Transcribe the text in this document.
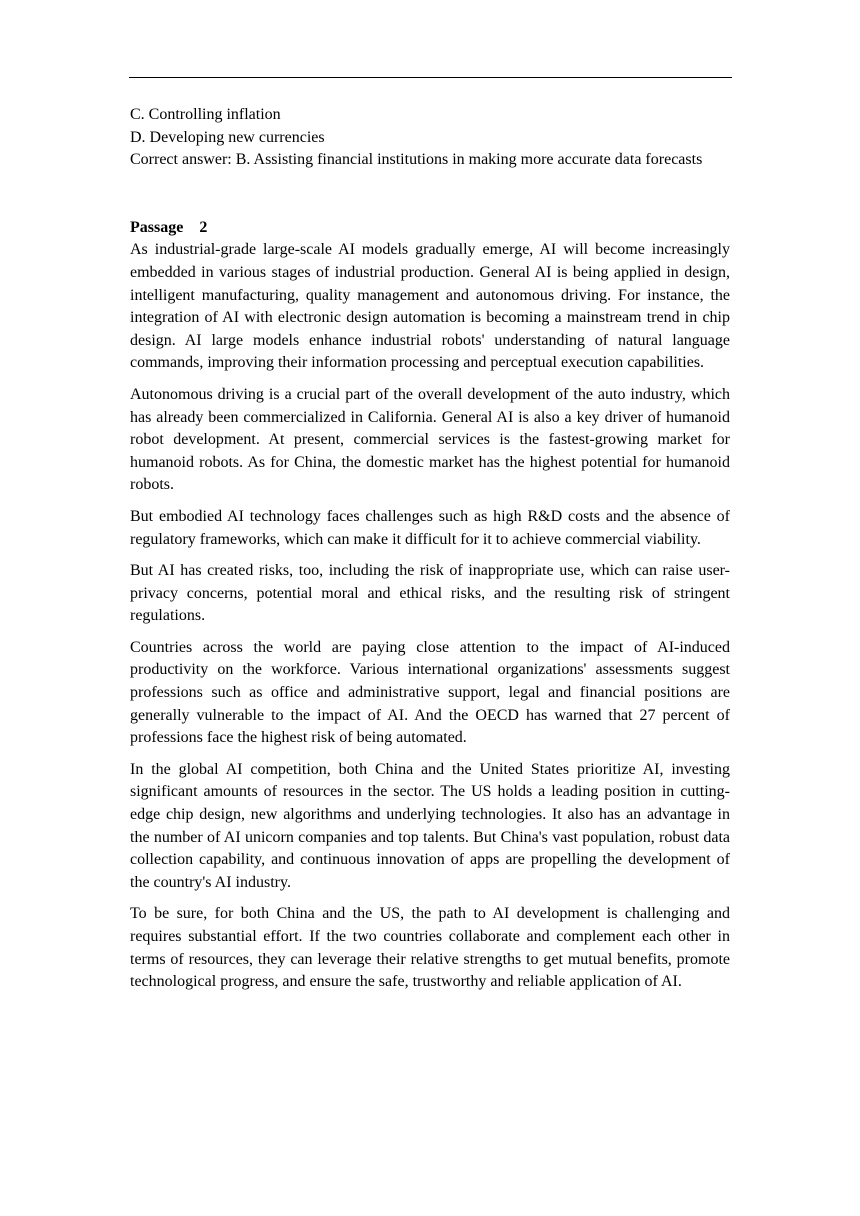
C. Controlling inflation

D. Developing new currencies

Correct answer: B. Assisting financial institutions in making more accurate data forecasts

Passage    2

As industrial-grade large-scale AI models gradually emerge, AI will become increasingly embedded in various stages of industrial production. General AI is being applied in design, intelligent manufacturing, quality management and autonomous driving. For instance, the integration of AI with electronic design automation is becoming a mainstream trend in chip design. AI large models enhance industrial robots' understanding of natural language commands, improving their information processing and perceptual execution capabilities.

Autonomous driving is a crucial part of the overall development of the auto industry, which has already been commercialized in California. General AI is also a key driver of humanoid robot development. At present, commercial services is the fastest-growing market for humanoid robots. As for China, the domestic market has the highest potential for humanoid robots.

But embodied AI technology faces challenges such as high R&D costs and the absence of regulatory frameworks, which can make it difficult for it to achieve commercial viability.

But AI has created risks, too, including the risk of inappropriate use, which can raise user-privacy concerns, potential moral and ethical risks, and the resulting risk of stringent regulations.

Countries across the world are paying close attention to the impact of AI-induced productivity on the workforce. Various international organizations' assessments suggest professions such as office and administrative support, legal and financial positions are generally vulnerable to the impact of AI. And the OECD has warned that 27 percent of professions face the highest risk of being automated.

In the global AI competition, both China and the United States prioritize AI, investing significant amounts of resources in the sector. The US holds a leading position in cutting-edge chip design, new algorithms and underlying technologies. It also has an advantage in the number of AI unicorn companies and top talents. But China's vast population, robust data collection capability, and continuous innovation of apps are propelling the development of the country's AI industry.

To be sure, for both China and the US, the path to AI development is challenging and requires substantial effort. If the two countries collaborate and complement each other in terms of resources, they can leverage their relative strengths to get mutual benefits, promote technological progress, and ensure the safe, trustworthy and reliable application of AI.
